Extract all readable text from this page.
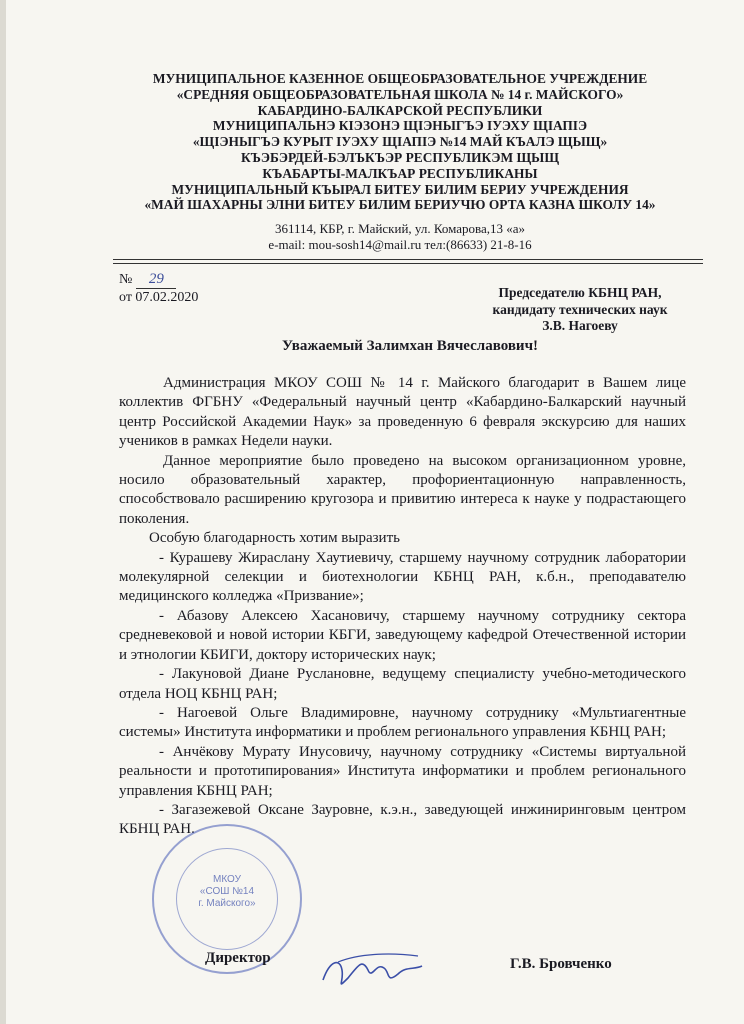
МУНИЦИПАЛЬНОЕ КАЗЕННОЕ ОБЩЕОБРАЗОВАТЕЛЬНОЕ УЧРЕЖДЕНИЕ
«СРЕДНЯЯ ОБЩЕОБРАЗОВАТЕЛЬНАЯ ШКОЛА № 14 г. МАЙСКОГО»
КАБАРДИНО-БАЛКАРСКОЙ РЕСПУБЛИКИ
МУНИЦИПАЛЬНЭ КIЭЗОНЭ ЩIЭНЫГЪЭ IУЭХУ ЩIАПIЭ
«ЩIЭНЫГЪЭ КУРЫТ IУЭХУ ЩIАПIЭ №14 МАЙ КЪАЛЭ ЩЫЩ»
КЪЭБЭРДЕЙ-БЭЛЪКЪЭР РЕСПУБЛИКЭМ ЩЫЩ
КЪАБАРТЫ-МАЛКЪАР РЕСПУБЛИКАНЫ
МУНИЦИПАЛЬНЫЙ КЪЫРАЛ БИТЕУ БИЛИМ БЕРИУ УЧРЕЖДЕНИЯ
«МАЙ ШАХАРНЫ ЭЛНИ БИТЕУ БИЛИМ БЕРИУЧЮ ОРТА КАЗНА ШКОЛУ 14»
361114, КБР, г. Майский, ул. Комарова,13 «а»
e-mail: mou-sosh14@mail.ru тел:(86633) 21-8-16
№ 29
от 07.02.2020	Председателю КБНЦ РАН,
кандидату технических наук
З.В. Нагоеву
Уважаемый Залимхан Вячеславович!

Администрация МКОУ СОШ № 14 г. Майского благодарит в Вашем лице коллектив ФГБНУ «Федеральный научный центр «Кабардино-Балкарский научный центр Российской Академии Наук» за проведенную 6 февраля экскурсию для наших учеников в рамках Недели науки.

Данное мероприятие было проведено на высоком организационном уровне, носило образовательный характер, профориентационную направленность, способствовало расширению кругозора и привитию интереса к науке у подрастающего поколения.

Особую благодарность хотим выразить

- Курашеву Жираслану Хаутиевичу, старшему научному сотрудник лаборатории молекулярной селекции и биотехнологии КБНЦ РАН, к.б.н., преподавателю медицинского колледжа «Призвание»;

- Абазову Алексею Хасановичу, старшему научному сотруднику сектора средневековой и новой истории КБГИ, заведующему кафедрой Отечественной истории и этнологии КБИГИ, доктору исторических наук;

- Лакуновой Диане Руслановне, ведущему специалисту учебно-методического отдела НОЦ КБНЦ РАН;

- Нагоевой Ольге Владимировне, научному сотруднику «Мультиагентные системы» Института информатики и проблем регионального управления КБНЦ РАН;

- Анчёкову Мурату Инусовичу, научному сотруднику «Системы виртуальной реальности и прототипирования» Института информатики и проблем регионального управления КБНЦ РАН;

- Загазежевой Оксане Зауровне, к.э.н., заведующей инжиниринговым центром КБНЦ РАН.

МКОУ
«СОШ №14
г. Майского»
Директор	Г.В. Бровченко
